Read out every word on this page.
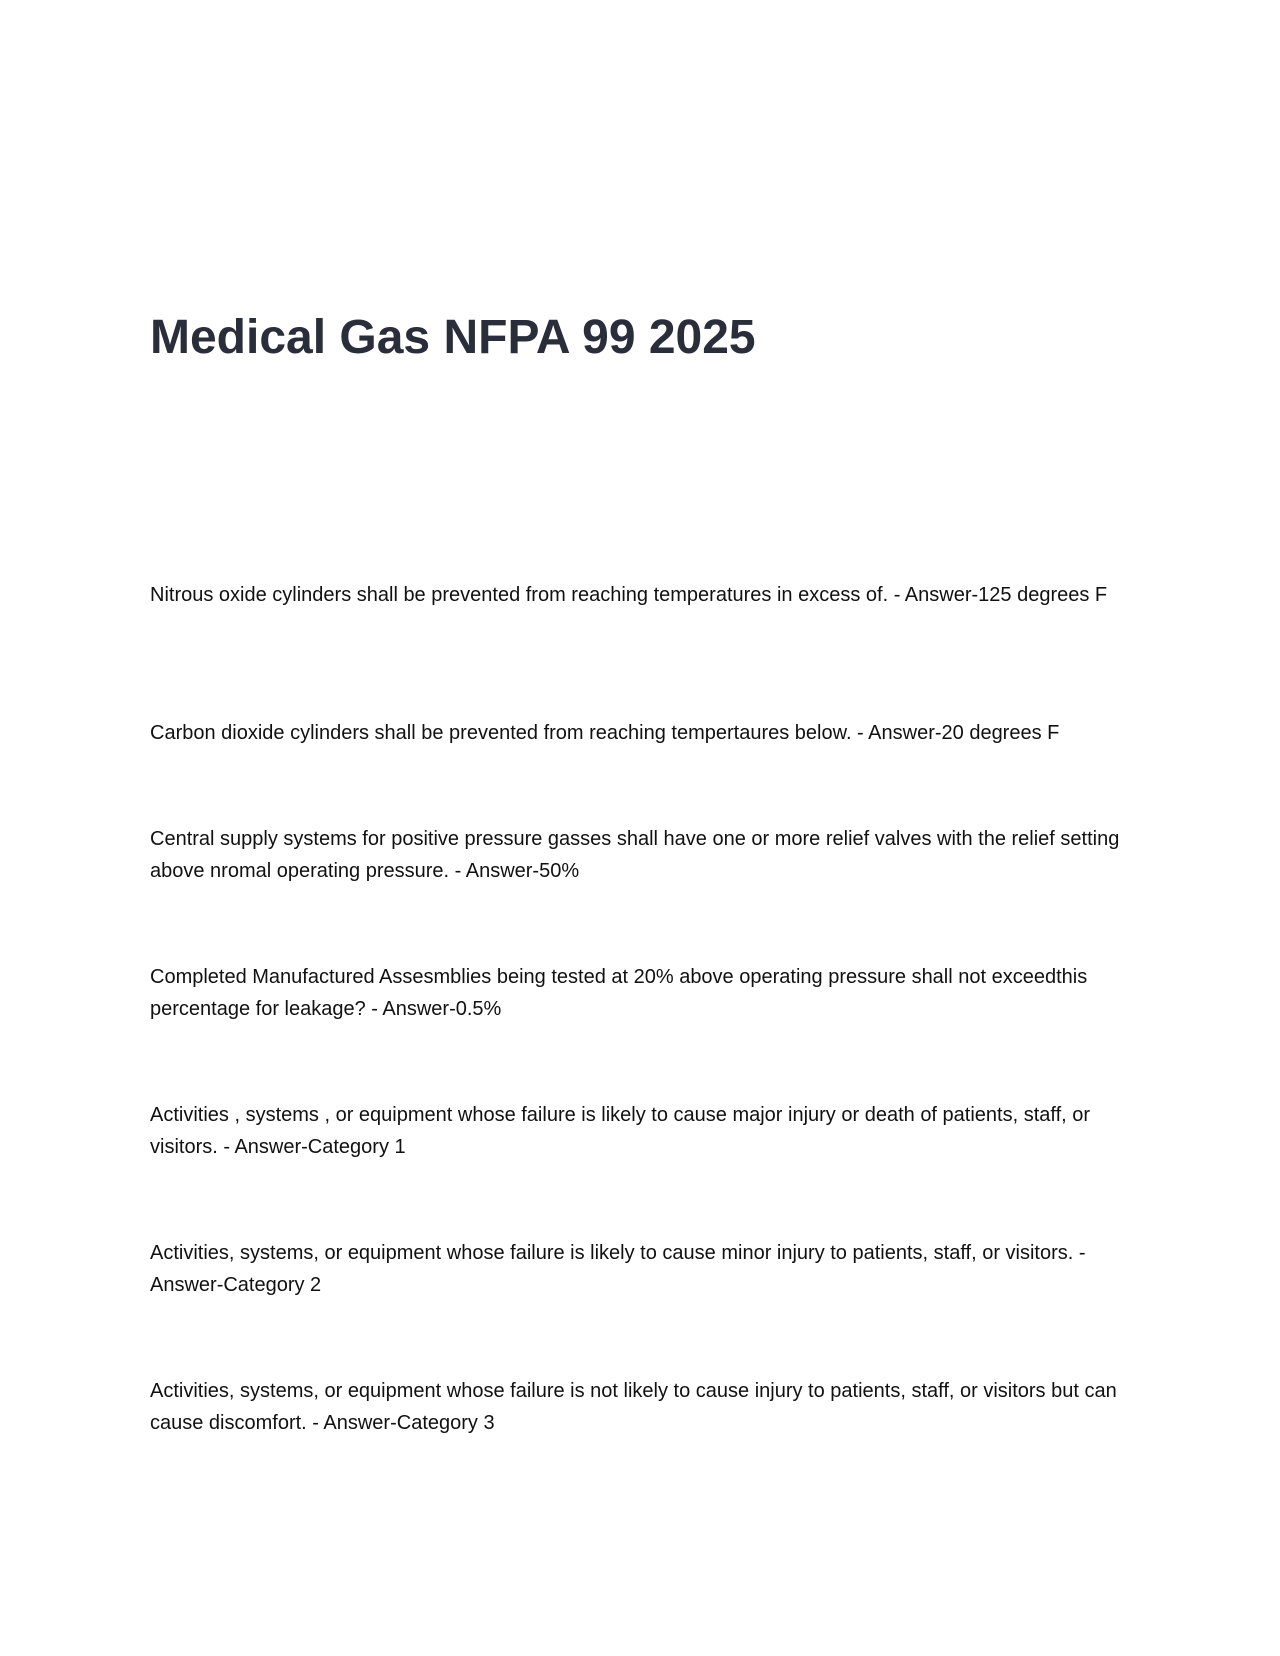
Medical Gas NFPA 99 2025
Nitrous oxide cylinders shall be prevented from reaching temperatures in excess of. - Answer-125 degrees F
Carbon dioxide cylinders shall be prevented from reaching tempertaures below. - Answer-20 degrees F
Central supply systems for positive pressure gasses shall have one or more relief valves with the relief setting above nromal operating pressure. - Answer-50%
Completed Manufactured Assesmblies being tested at 20% above operating pressure shall not exceedthis percentage for leakage? - Answer-0.5%
Activities , systems , or equipment whose failure is likely to cause major injury or death of patients, staff, or visitors. - Answer-Category 1
Activities, systems, or equipment whose failure is likely to cause minor injury to patients, staff, or visitors. - Answer-Category 2
Activities, systems, or equipment whose failure is not likely to cause injury to patients, staff, or visitors but can cause discomfort. - Answer-Category 3
